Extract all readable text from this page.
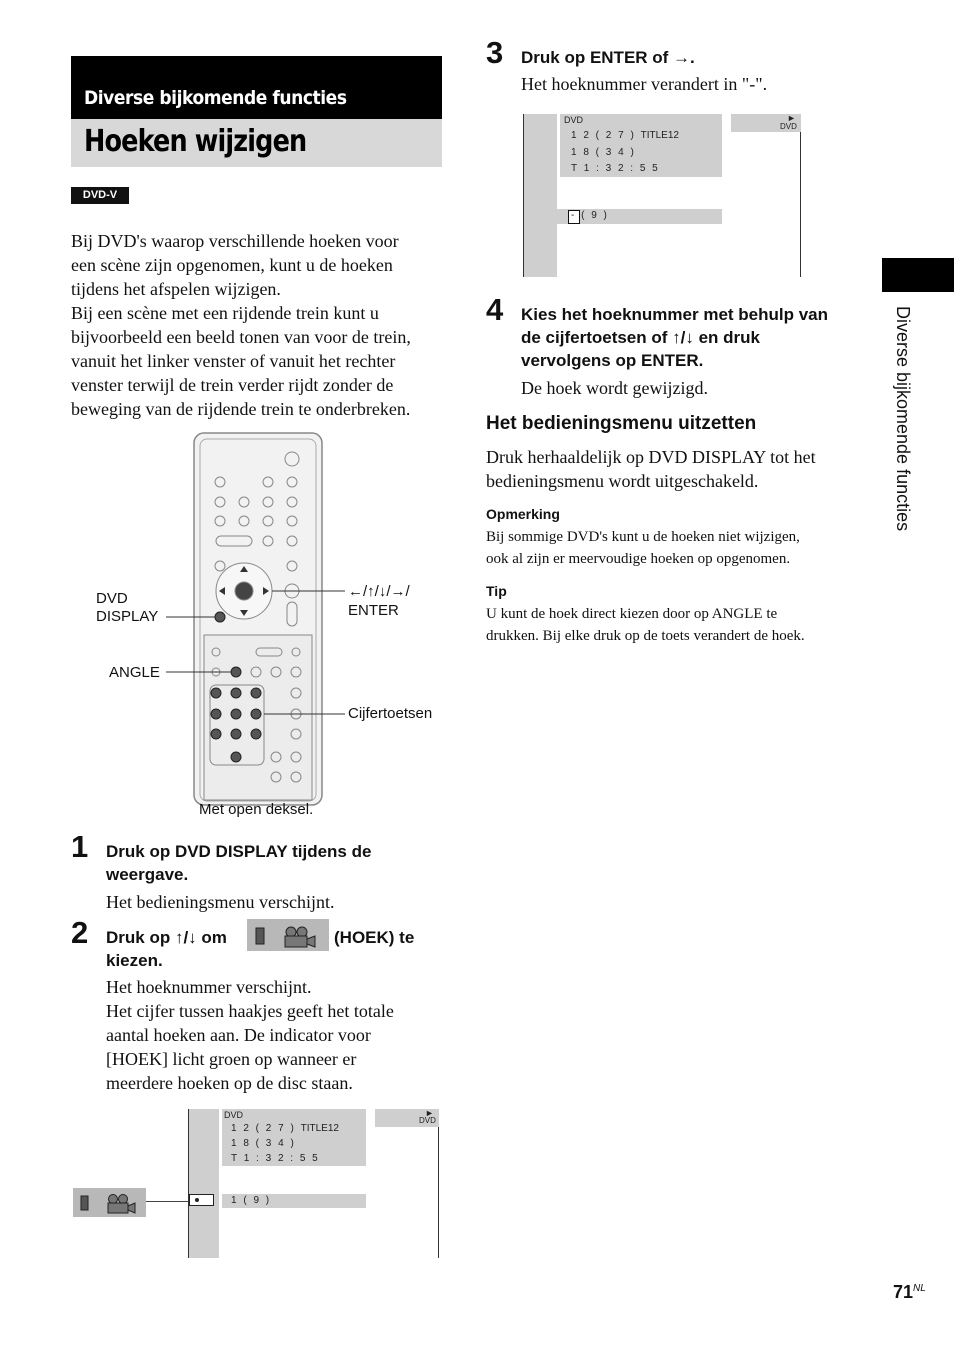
Diverse bijkomende functies
Hoeken wijzigen
DVD-V
Bij DVD's waarop verschillende hoeken voor
een scène zijn opgenomen, kunt u de hoeken
tijdens het afspelen wijzigen.
Bij een scène met een rijdende trein kunt u
bijvoorbeeld een beeld tonen van voor de trein,
vanuit het linker venster of vanuit het rechter
venster terwijl de trein verder rijdt zonder de
beweging van de rijdende trein te onderbreken.
DVD
DISPLAY
ANGLE
←/↑/↓/→/
ENTER
Cijfertoetsen
Met open deksel.
1 Druk op DVD DISPLAY tijdens de
weergave.
Het bedieningsmenu verschijnt.
2 Druk op ↑/↓ om	(HOEK) te
kiezen.
Het hoeknummer verschijnt.
Het cijfer tussen haakjes geeft het totale
aantal hoeken aan. De indicator voor
[HOEK] licht groen op wanneer er
meerdere hoeken op de disc staan.
DVD
1 2 ( 2 7 ) TITLE12
1 8 ( 3 4 )
T 1 : 3 2 : 5 5
►
DVD
1 ( 9 )
3 Druk op ENTER of →.
Het hoeknummer verandert in "-".
DVD
1 2 ( 2 7 ) TITLE12
1 8 ( 3 4 )
T 1 : 3 2 : 5 5
►
DVD
- ( 9 )
4 Kies het hoeknummer met behulp van
de cijfertoetsen of ↑/↓ en druk
vervolgens op ENTER.
De hoek wordt gewijzigd.
Het bedieningsmenu uitzetten
Druk herhaaldelijk op DVD DISPLAY tot het
bedieningsmenu wordt uitgeschakeld.
Opmerking
Bij sommige DVD's kunt u de hoeken niet wijzigen,
ook al zijn er meervoudige hoeken op opgenomen.
Tip
U kunt de hoek direct kiezen door op ANGLE te
drukken. Bij elke druk op de toets verandert de hoek.
Diverse bijkomende functies
$71^{NL}$
